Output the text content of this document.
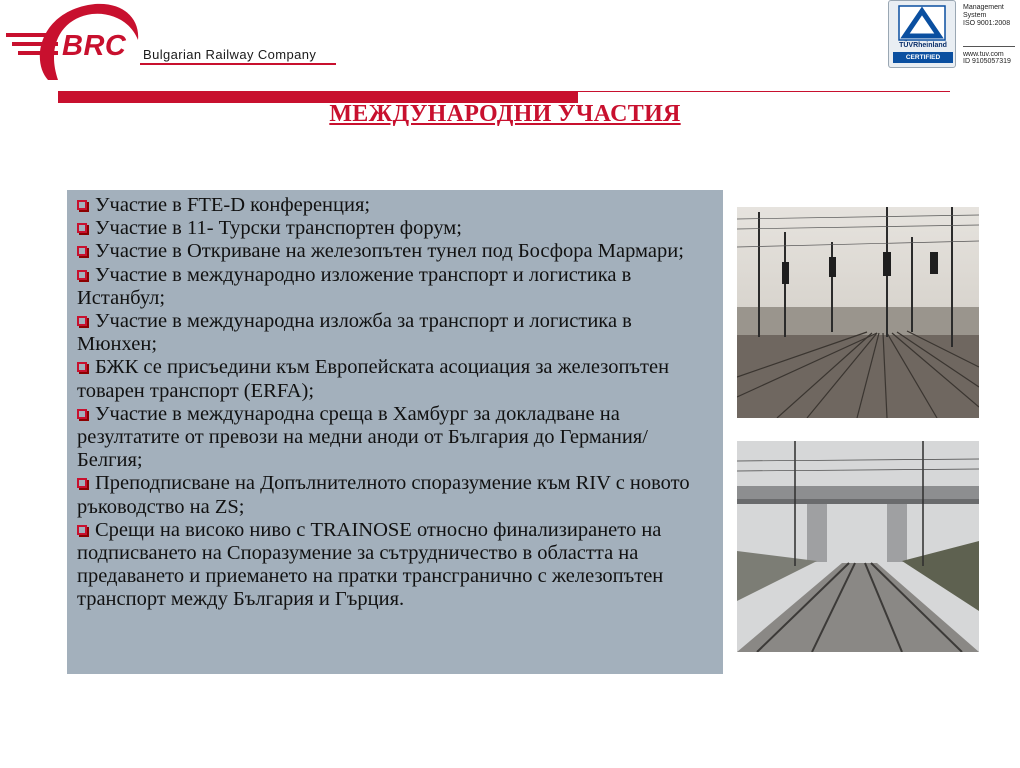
BRC Bulgarian Railway Company
TÜVRheinland
CERTIFIED
Management
System
ISO 9001:2008
www.tuv.com
ID 9105057319
МЕЖДУНАРОДНИ УЧАСТИЯ
Участие в FTE-D конференция;
Участие в 11- Турски транспортен форум;
Участие в Откриване на железопътен тунел под Босфора Мармари;
Участие в международно изложение транспорт и логистика в Истанбул;
Участие в международна изложба за транспорт и логистика в Мюнхен;
БЖК се присъедини към Европейската асоциация за железопътен товарен транспорт (ERFA);
Участие в международна среща в Хамбург за докладване на резултатите от превози на медни аноди от България до Германия/Белгия;
Преподписване на Допълнителното споразумение към RIV с новото ръководство на ZS;
Срещи на високо ниво с TRAINOSE относно финализирането на подписването на Споразумение за сътрудничество в областта на предаването и приемането на пратки трансгранично с железопътен транспорт между България и Гърция.
